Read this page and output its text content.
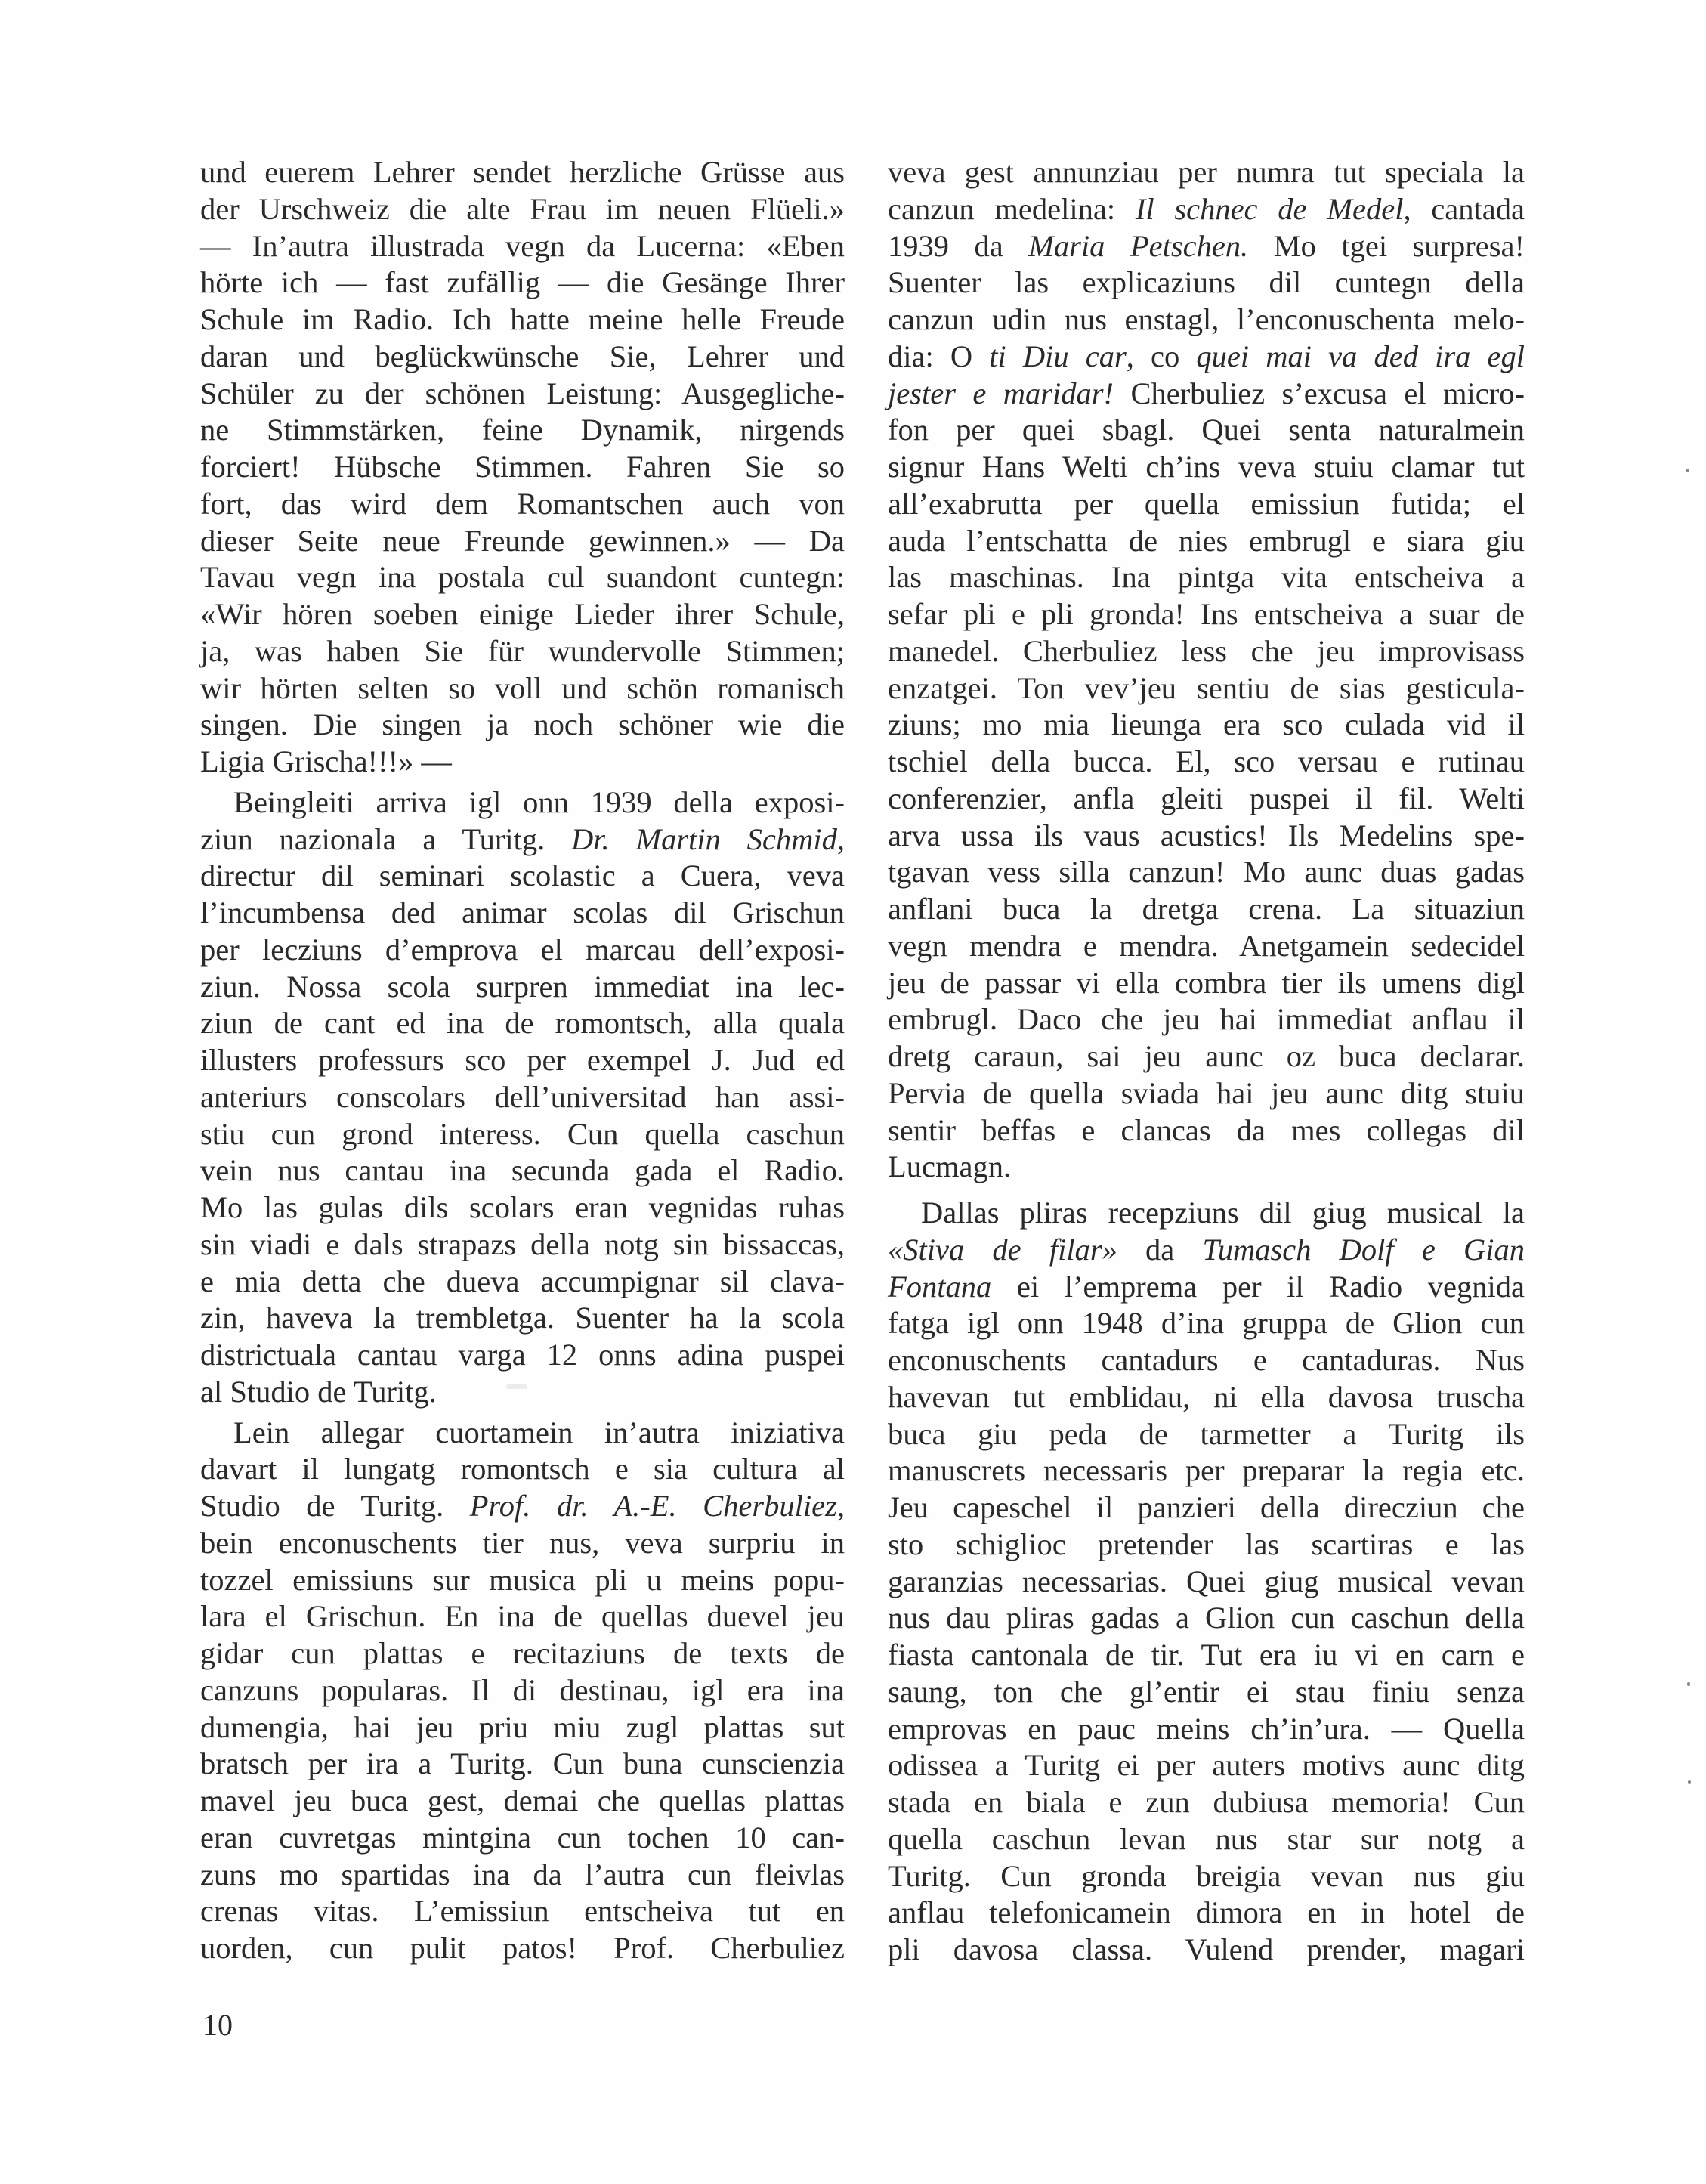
und euerem Lehrer sendet herzliche Grüsse aus
der Urschweiz die alte Frau im neuen Flüeli.»
— In’autra illustrada vegn da Lucerna: «Eben
hörte ich — fast zufällig — die Gesänge Ihrer
Schule im Radio. Ich hatte meine helle Freude
daran und beglückwünsche Sie, Lehrer und
Schüler zu der schönen Leistung: Ausgegliche-
ne Stimmstärken, feine Dynamik, nirgends
forciert! Hübsche Stimmen. Fahren Sie so
fort, das wird dem Romantschen auch von
dieser Seite neue Freunde gewinnen.» — Da
Tavau vegn ina postala cul suandont cuntegn:
«Wir hören soeben einige Lieder ihrer Schule,
ja, was haben Sie für wundervolle Stimmen;
wir hörten selten so voll und schön romanisch
singen. Die singen ja noch schöner wie die
Ligia Grischa!!!» —
Beingleiti arriva igl onn 1939 della exposi-
ziun nazionala a Turitg. Dr. Martin Schmid,
directur dil seminari scolastic a Cuera, veva
l’incumbensa ded animar scolas dil Grischun
per lecziuns d’emprova el marcau dell’exposi-
ziun. Nossa scola surpren immediat ina lec-
ziun de cant ed ina de romontsch, alla quala
illusters professurs sco per exempel J. Jud ed
anteriurs conscolars dell’universitad han assi-
stiu cun grond interess. Cun quella caschun
vein nus cantau ina secunda gada el Radio.
Mo las gulas dils scolars eran vegnidas ruhas
sin viadi e dals strapazs della notg sin bissaccas,
e mia detta che dueva accumpignar sil clava-
zin, haveva la trembletga. Suenter ha la scola
districtuala cantau varga 12 onns adina puspei
al Studio de Turitg.
Lein allegar cuortamein in’autra iniziativa
davart il lungatg romontsch e sia cultura al
Studio de Turitg. Prof. dr. A.-E. Cherbuliez,
bein enconuschents tier nus, veva surpriu in
tozzel emissiuns sur musica pli u meins popu-
lara el Grischun. En ina de quellas duevel jeu
gidar cun plattas e recitaziuns de texts de
canzuns popularas. Il di destinau, igl era ina
dumengia, hai jeu priu miu zugl plattas sut
bratsch per ira a Turitg. Cun buna cunscienzia
mavel jeu buca gest, demai che quellas plattas
eran cuvretgas mintgina cun tochen 10 can-
zuns mo spartidas ina da l’autra cun fleivlas
crenas vitas. L’emissiun entscheiva tut en
uorden, cun pulit patos! Prof. Cherbuliez
veva gest annunziau per numra tut speciala la
canzun medelina: Il schnec de Medel, cantada
1939 da Maria Petschen. Mo tgei surpresa!
Suenter las explicaziuns dil cuntegn della
canzun udin nus enstagl, l’enconuschenta melo-
dia: O ti Diu car, co quei mai va ded ira egl
jester e maridar! Cherbuliez s’excusa el micro-
fon per quei sbagl. Quei senta naturalmein
signur Hans Welti ch’ins veva stuiu clamar tut
all’exabrutta per quella emissiun futida; el
auda l’entschatta de nies embrugl e siara giu
las maschinas. Ina pintga vita entscheiva a
sefar pli e pli gronda! Ins entscheiva a suar de
manedel. Cherbuliez less che jeu improvisass
enzatgei. Ton vev’jeu sentiu de sias gesticula-
ziuns; mo mia lieunga era sco culada vid il
tschiel della bucca. El, sco versau e rutinau
conferenzier, anfla gleiti puspei il fil. Welti
arva ussa ils vaus acustics! Ils Medelins spe-
tgavan vess silla canzun! Mo aunc duas gadas
anflani buca la dretga crena. La situaziun
vegn mendra e mendra. Anetgamein sedecidel
jeu de passar vi ella combra tier ils umens digl
embrugl. Daco che jeu hai immediat anflau il
dretg caraun, sai jeu aunc oz buca declarar.
Pervia de quella sviada hai jeu aunc ditg stuiu
sentir beffas e clancas da mes collegas dil
Lucmagn.
Dallas pliras recepziuns dil giug musical la
«Stiva de filar» da Tumasch Dolf e Gian
Fontana ei l’emprema per il Radio vegnida
fatga igl onn 1948 d’ina gruppa de Glion cun
enconuschents cantadurs e cantaduras. Nus
havevan tut emblidau, ni ella davosa truscha
buca giu peda de tarmetter a Turitg ils
manuscrets necessaris per preparar la regia etc.
Jeu capeschel il panzieri della direcziun che
sto schiglioc pretender las scartiras e las
garanzias necessarias. Quei giug musical vevan
nus dau pliras gadas a Glion cun caschun della
fiasta cantonala de tir. Tut era iu vi en carn e
saung, ton che gl’entir ei stau finiu senza
emprovas en pauc meins ch’in’ura. — Quella
odissea a Turitg ei per auters motivs aunc ditg
stada en biala e zun dubiusa memoria! Cun
quella caschun levan nus star sur notg a
Turitg. Cun gronda breigia vevan nus giu
anflau telefonicamein dimora en in hotel de
pli davosa classa. Vulend prender, magari
10
